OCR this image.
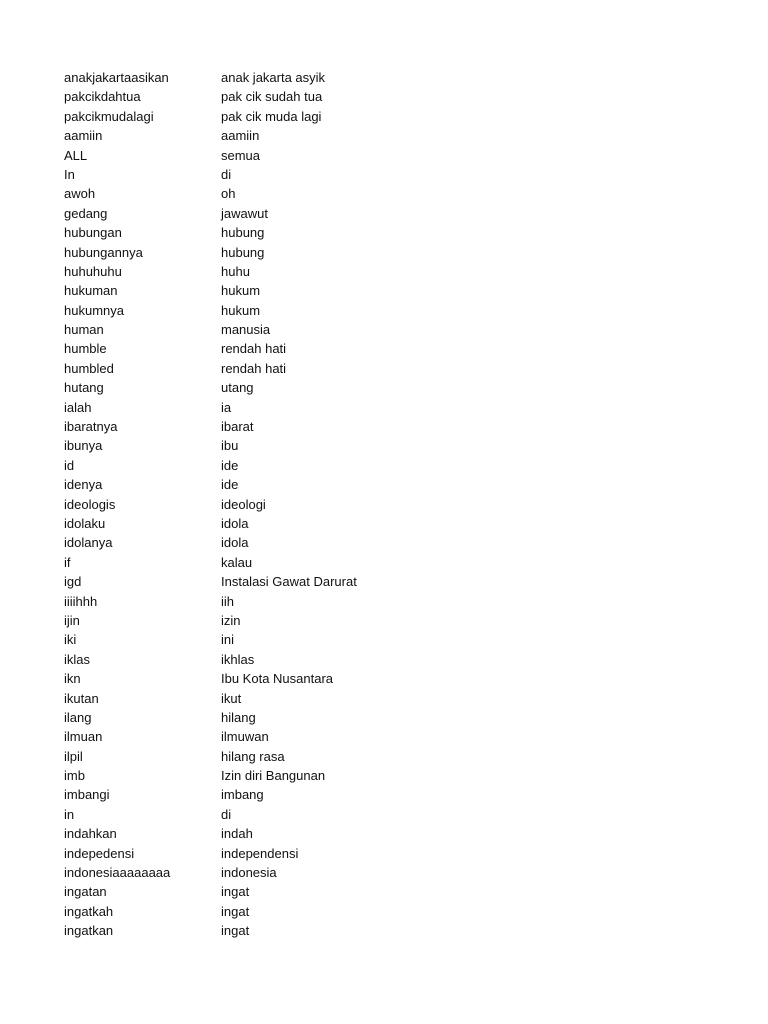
anakjakartaasikan	anak jakarta asyik
pakcikdahtua	pak cik sudah tua
pakcikmudalagi	pak cik muda lagi
aamiin	aamiin
ALL	semua
In	di
awoh	oh
gedang	jawawut
hubungan	hubung
hubungannya	hubung
huhuhuhu	huhu
hukuman	hukum
hukumnya	hukum
human	manusia
humble	rendah hati
humbled	rendah hati
hutang	utang
ialah	ia
ibaratnya	ibarat
ibunya	ibu
id	ide
idenya	ide
ideologis	ideologi
idolaku	idola
idolanya	idola
if	kalau
igd	Instalasi Gawat Darurat
iiiihhh	iih
ijin	izin
iki	ini
iklas	ikhlas
ikn	Ibu Kota Nusantara
ikutan	ikut
ilang	hilang
ilmuan	ilmuwan
ilpil	hilang rasa
imb	Izin diri Bangunan
imbangi	imbang
in	di
indahkan	indah
indepedensi	independensi
indonesiaaaaaaaa	indonesia
ingatan	ingat
ingatkah	ingat
ingatkan	ingat
